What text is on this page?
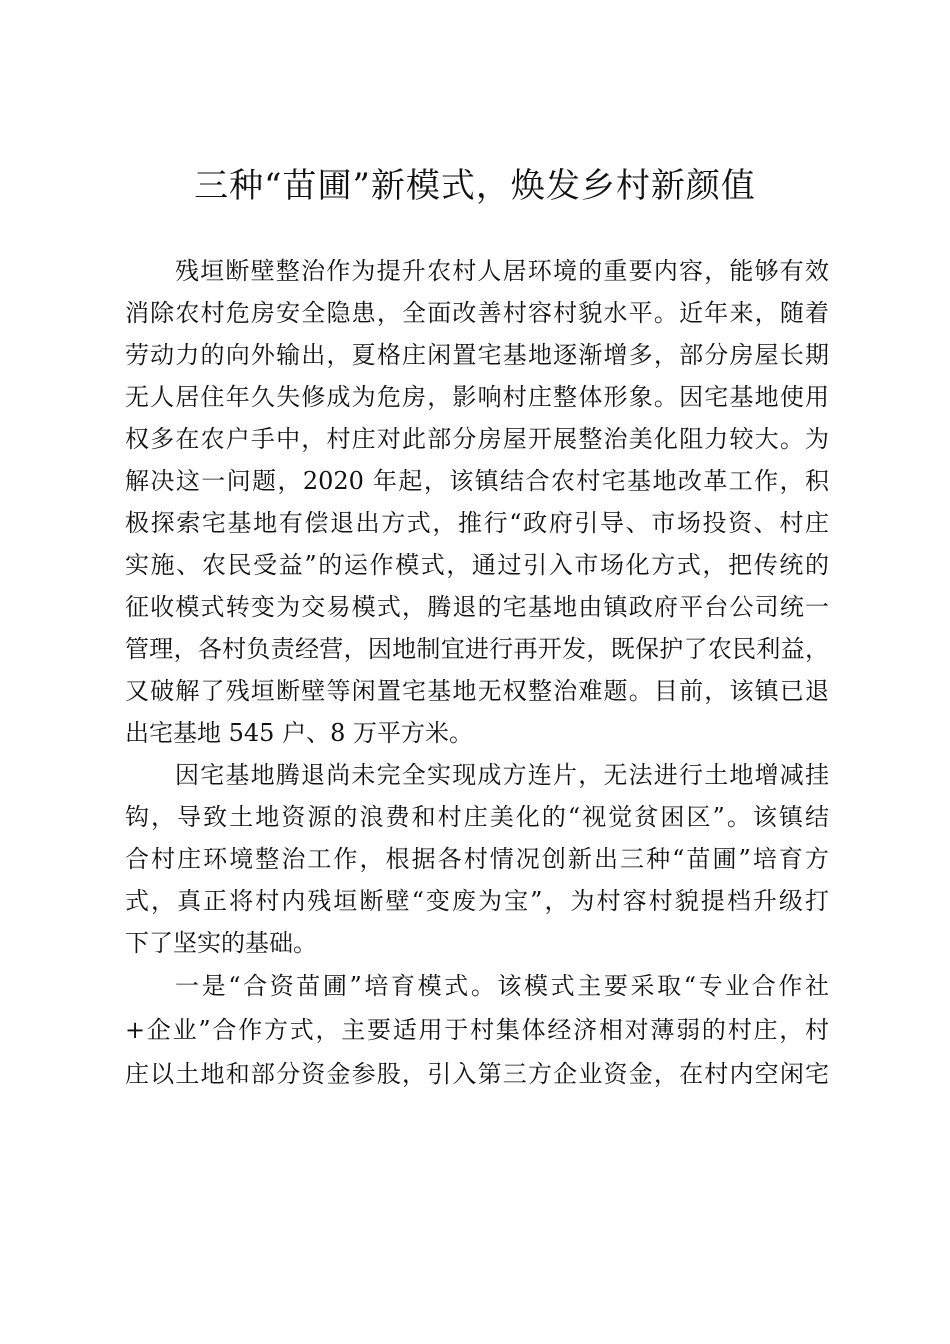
三种“苗圃”新模式，焕发乡村新颜值
残垣断壁整治作为提升农村人居环境的重要内容，能够有效
消除农村危房安全隐患，全面改善村容村貌水平。近年来，随着
劳动力的向外输出，夏格庄闲置宅基地逐渐增多，部分房屋长期
无人居住年久失修成为危房，影响村庄整体形象。因宅基地使用
权多在农户手中，村庄对此部分房屋开展整治美化阻力较大。为
解决这一问题，2020 年起，该镇结合农村宅基地改革工作，积
极探索宅基地有偿退出方式，推行“政府引导、市场投资、村庄
实施、农民受益”的运作模式，通过引入市场化方式，把传统的
征收模式转变为交易模式，腾退的宅基地由镇政府平台公司统一
管理，各村负责经营，因地制宜进行再开发，既保护了农民利益，
又破解了残垣断壁等闲置宅基地无权整治难题。目前，该镇已退
出宅基地 545 户、8 万平方米。
因宅基地腾退尚未完全实现成方连片，无法进行土地增减挂
钩，导致土地资源的浪费和村庄美化的“视觉贫困区”。该镇结
合村庄环境整治工作，根据各村情况创新出三种“苗圃”培育方
式，真正将村内残垣断壁“变废为宝”，为村容村貌提档升级打
下了坚实的基础。
一是“合资苗圃”培育模式。该模式主要采取“专业合作社
+企业”合作方式，主要适用于村集体经济相对薄弱的村庄，村
庄以土地和部分资金参股，引入第三方企业资金，在村内空闲宅
